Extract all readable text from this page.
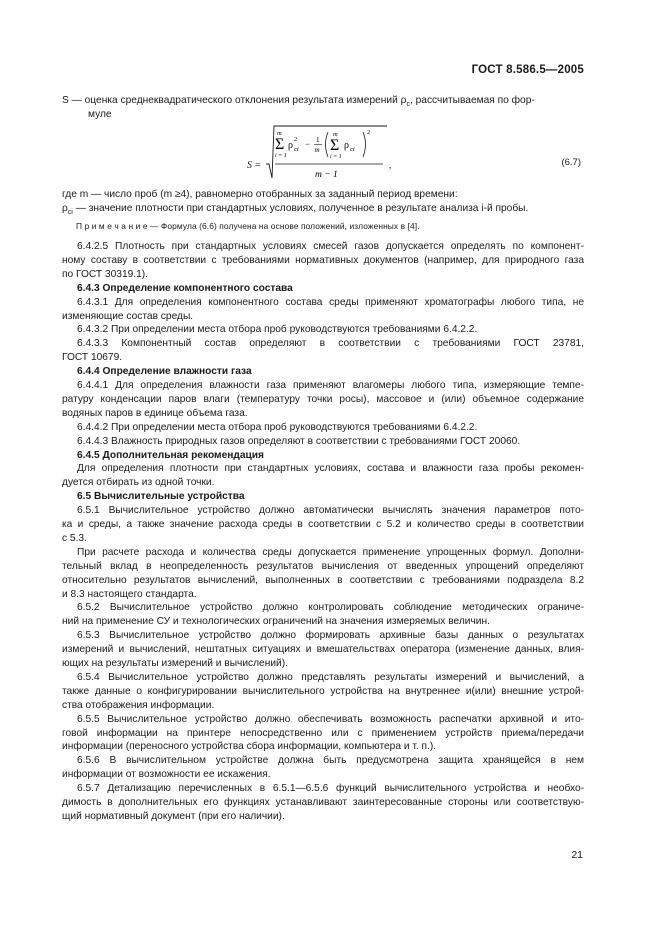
ГОСТ 8.586.5—2005
S — оценка среднеквадратического отклонения результата измерений $\rho_c$, рассчитываемая по фор-
муле
m
Σ
i = 1
ρ
2
ci
− 1
m
2
m
Σ
i = 1
ρ ci
,
m − 1
S =	(6.7)
где m — число проб (m ≥4), равномерно отобранных за заданный период времени:
$\rho_{ci}$ — значение плотности при стандартных условиях, полученное в результате анализа i-й пробы.
П р и м е ч а н и е — Формула (6.6) получена на основе положений, изложенных в [4].
6.4.2.5 Плотность при стандартных условиях смесей газов допускается определять по компонент-
ному составу в соответствии с требованиями нормативных документов (например, для природного газа
по ГОСТ 30319.1).
6.4.3 Определение компонентного состава
6.4.3.1 Для определения компонентного состава среды применяют хроматографы любого типа, не
изменяющие состав среды.
6.4.3.2 При определении места отбора проб руководствуются требованиями 6.4.2.2.
6.4.3.3 Компонентный состав определяют в соответствии с требованиями ГОСТ 23781,
ГОСТ 10679.
6.4.4 Определение влажности газа
6.4.4.1 Для определения влажности газа применяют влагомеры любого типа, измеряющие темпе-
ратуру конденсации паров влаги (температуру точки росы), массовое и (или) объемное содержание
водяных паров в единице объема газа.
6.4.4.2 При определении места отбора проб руководствуются требованиями 6.4.2.2.
6.4.4.3 Влажность природных газов определяют в соответствии с требованиями ГОСТ 20060.
6.4.5 Дополнительная рекомендация
Для определения плотности при стандартных условиях, состава и влажности газа пробы рекомен-
дуется отбирать из одной точки.
6.5 Вычислительные устройства
6.5.1 Вычислительное устройство должно автоматически вычислять значения параметров пото-
ка и среды, а также значение расхода среды в соответствии с 5.2 и количество среды в соответствии
с 5.3.
При расчете расхода и количества среды допускается применение упрощенных формул. Дополни-
тельный вклад в неопределенность результатов вычисления от введенных упрощений определяют
относительно результатов вычислений, выполненных в соответствии с требованиями подраздела 8.2
и 8.3 настоящего стандарта.
6.5.2 Вычислительное устройство должно контролировать соблюдение методических ограниче-
ний на применение СУ и технологических ограничений на значения измеряемых величин.
6.5.3 Вычислительное устройство должно формировать архивные базы данных о результатах
измерений и вычислений, нештатных ситуациях и вмешательствах оператора (изменение данных, влия-
ющих на результаты измерений и вычислений).
6.5.4 Вычислительное устройство должно представлять результаты измерений и вычислений, а
также данные о конфигурировании вычислительного устройства на внутреннее и(или) внешние устрой-
ства отображения информации.
6.5.5 Вычислительное устройство должно обеспечивать возможность распечатки архивной и ито-
говой информации на принтере непосредственно или с применением устройств приема/передачи
информации (переносного устройства сбора информации, компьютера и т. п.).
6.5.6 В вычислительном устройстве должна быть предусмотрена защита хранящейся в нем
информации от возможности ее искажения.
6.5.7 Детализацию перечисленных в 6.5.1—6.5.6 функций вычислительного устройства и необхо-
димость в дополнительных его функциях устанавливают заинтересованные стороны или соответствую-
щий нормативный документ (при его наличии).
21
